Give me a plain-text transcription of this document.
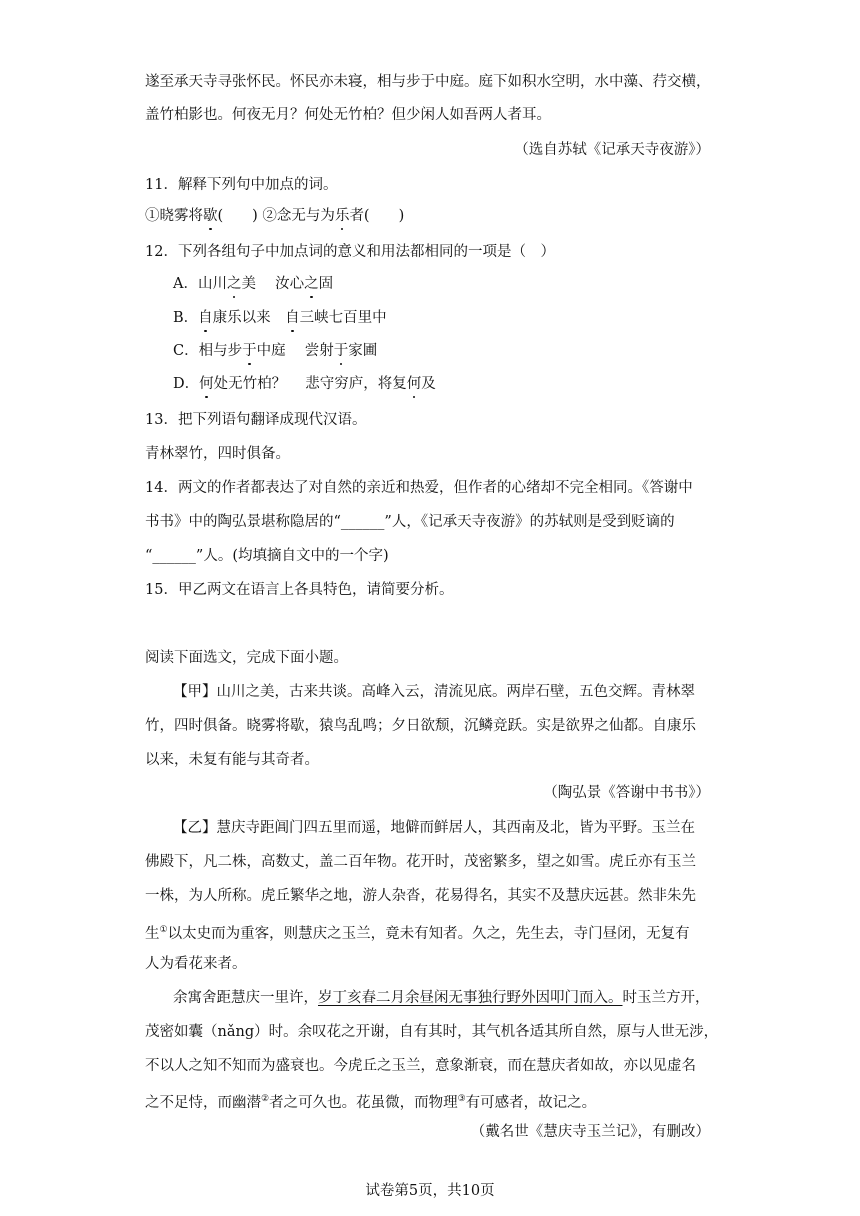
遂至承天寺寻张怀民。怀民亦未寝，相与步于中庭。庭下如积水空明，水中藻、荇交横，
盖竹柏影也。何夜无月？何处无竹柏？但少闲人如吾两人者耳。
（选自苏轼《记承天寺夜游》）
11．解释下列句中加点的词。
①晓雾将歇(　　) ②念无与为乐者(　　)
12．下列各组句子中加点词的意义和用法都相同的一项是（　）
A．山川之美　 汝心之固
B．自康乐以来　自三峡七百里中
C．相与步于中庭　 尝射于家圃
D．何处无竹柏？　 悲守穷庐，将复何及
13．把下列语句翻译成现代汉语。
青林翠竹，四时俱备。
14．两文的作者都表达了对自然的亲近和热爱，但作者的心绪却不完全相同。《答谢中
书书》中的陶弘景堪称隐居的“______”人，《记承天寺夜游》的苏轼则是受到贬谪的
“______”人。(均填摘自文中的一个字)
15．甲乙两文在语言上各具特色，请简要分析。
阅读下面选文，完成下面小题。
【甲】山川之美，古来共谈。高峰入云，清流见底。两岸石壁，五色交辉。青林翠
竹，四时俱备。晓雾将歇，猿鸟乱鸣；夕日欲颓，沉鳞竞跃。实是欲界之仙都。自康乐
以来，未复有能与其奇者。
（陶弘景《答谢中书书》）
【乙】慧庆寺距阊门四五里而遥，地僻而鲜居人，其西南及北，皆为平野。玉兰在
佛殿下，凡二株，高数丈，盖二百年物。花开时，茂密繁多，望之如雪。虎丘亦有玉兰
一株，为人所称。虎丘繁华之地，游人杂沓，花易得名，其实不及慧庆远甚。然非朱先
生①以太史而为重客，则慧庆之玉兰，竟未有知者。久之，先生去，寺门昼闭，无复有
人为看花来者。
余寓舍距慧庆一里许，岁丁亥春二月余昼闲无事独行野外因叩门而入。时玉兰方开，
茂密如囊（nǎng）时。余叹花之开谢，自有其时，其气机各适其所自然，原与人世无涉，
不以人之知不知而为盛衰也。今虎丘之玉兰，意象渐衰，而在慧庆者如故，亦以见虚名
之不足恃，而幽潜②者之可久也。花虽微，而物理③有可感者，故记之。
（戴名世《慧庆寺玉兰记》，有删改）
试卷第5页，共10页
